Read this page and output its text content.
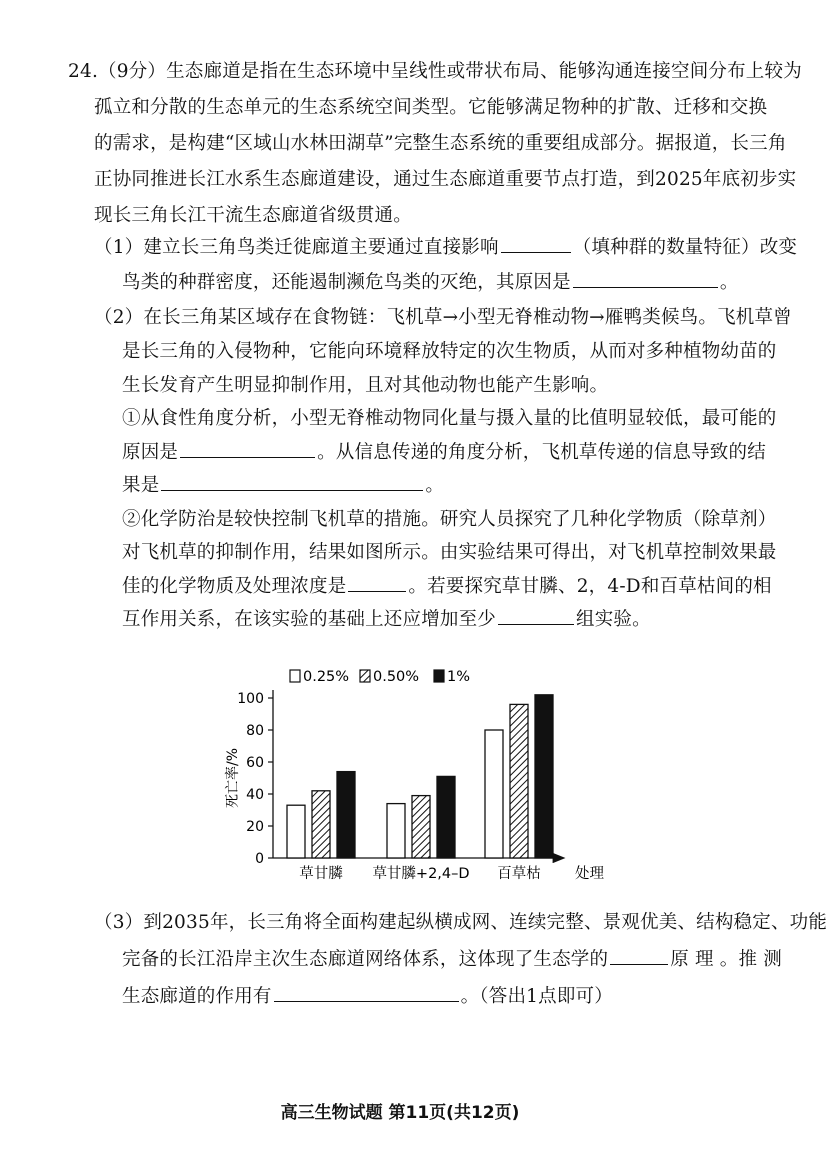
24.（9分）生态廊道是指在生态环境中呈线性或带状布局、能够沟通连接空间分布上较为
孤立和分散的生态单元的生态系统空间类型。它能够满足物种的扩散、迁移和交换
的需求，是构建“区域山水林田湖草”完整生态系统的重要组成部分。据报道，长三角
正协同推进长江水系生态廊道建设，通过生态廊道重要节点打造，到2025年底初步实
现长三角长江干流生态廊道省级贯通。
（1）建立长三角鸟类迁徙廊道主要通过直接影响	（填种群的数量特征）改变
鸟类的种群密度，还能遏制濒危鸟类的灭绝，其原因是	。
（2）在长三角某区域存在食物链：飞机草→小型无脊椎动物→雁鸭类候鸟。飞机草曾
是长三角的入侵物种，它能向环境释放特定的次生物质，从而对多种植物幼苗的
生长发育产生明显抑制作用，且对其他动物也能产生影响。
①从食性角度分析，小型无脊椎动物同化量与摄入量的比值明显较低，最可能的
原因是	。从信息传递的角度分析，飞机草传递的信息导致的结
果是	。
②化学防治是较快控制飞机草的措施。研究人员探究了几种化学物质（除草剂）
对飞机草的抑制作用，结果如图所示。由实验结果可得出，对飞机草控制效果最
佳的化学物质及处理浓度是	。若要探究草甘膦、2，4-D和百草枯间的相
互作用关系，在该实验的基础上还应增加至少	组实验。
0
20
40
60
80
100
死亡率/%
草甘膦 草甘膦+2,4–D 百草枯 处理
0.25% 0.50% 1%
（3）到2035年，长三角将全面构建起纵横成网、连续完整、景观优美、结构稳定、功能
完备的长江沿岸主次生态廊道网络体系，这体现了生态学的	原 理 。推 测
生态廊道的作用有	。（答出1点即可）
高三生物试题 第11页(共12页)
